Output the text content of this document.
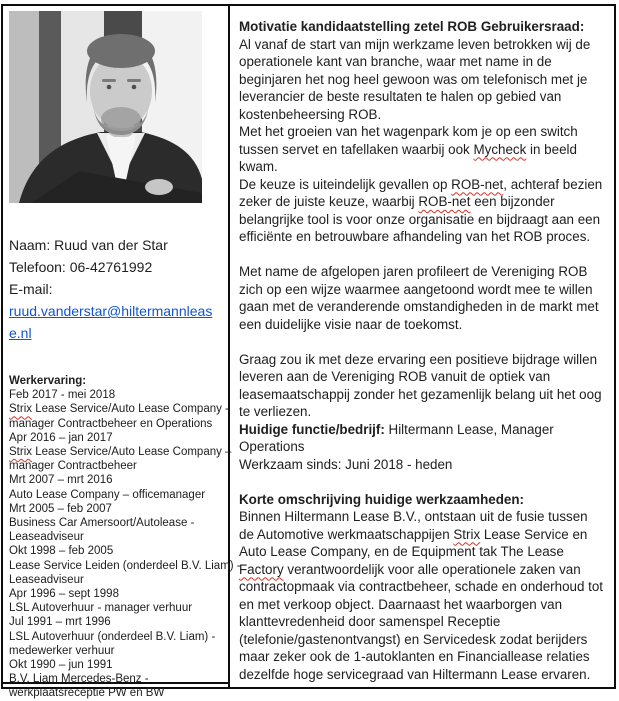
Naam: Ruud van der Star
Telefoon: 06-42761992
E-mail:
ruud.vanderstar@hiltermannlease.nl
Werkervaring:
Feb 2017 - mei 2018
Strix Lease Service/Auto Lease Company -
manager Contractbeheer en Operations
Apr 2016 – jan 2017
Strix Lease Service/Auto Lease Company –
manager Contractbeheer
Mrt 2007 – mrt 2016
Auto Lease Company – officemanager
Mrt 2005 – feb 2007
Business Car Amersoort/Autolease -
Leaseadviseur
Okt 1998 – feb 2005
Lease Service Leiden (onderdeel B.V. Liam) -
Leaseadviseur
Apr 1996 – sept 1998
LSL Autoverhuur - manager verhuur
Jul 1991 – mrt 1996
LSL Autoverhuur (onderdeel B.V. Liam) -
medewerker verhuur
Okt 1990 – jun 1991
B.V. Liam Mercedes-Benz -
werkplaatsreceptie PW en BW
Motivatie kandidaatstelling zetel ROB Gebruikersraad:
Al vanaf de start van mijn werkzame leven betrokken wij de operationele kant van branche, waar met name in de beginjaren het nog heel gewoon was om telefonisch met je leverancier de beste resultaten te halen op gebied van kostenbeheersing ROB.
Met het groeien van het wagenpark kom je op een switch tussen servet en tafellaken waarbij ook Mycheck in beeld kwam.
De keuze is uiteindelijk gevallen op ROB-net, achteraf bezien zeker de juiste keuze, waarbij ROB-net een bijzonder belangrijke tool is voor onze organisatie en bijdraagt aan een efficiënte en betrouwbare afhandeling van het ROB proces.
Met name de afgelopen jaren profileert de Vereniging ROB zich op een wijze waarmee aangetoond wordt mee te willen gaan met de veranderende omstandigheden in de markt met een duidelijke visie naar de toekomst.
Graag zou ik met deze ervaring een positieve bijdrage willen leveren aan de Vereniging ROB vanuit de optiek van leasemaatschappij zonder het gezamenlijk belang uit het oog te verliezen.
Huidige functie/bedrijf: Hiltermann Lease, Manager Operations
Werkzaam sinds: Juni 2018 - heden
Korte omschrijving huidige werkzaamheden:
Binnen Hiltermann Lease B.V., ontstaan uit de fusie tussen de Automotive werkmaatschappijen Strix Lease Service en Auto Lease Company, en de Equipment tak The Lease Factory verantwoordelijk voor alle operationele zaken van contractopmaak via contractbeheer, schade en onderhoud tot en met verkoop object. Daarnaast het waarborgen van klanttevredenheid door samenspel Receptie (telefonie/gastenontvangst) en Servicedesk zodat berijders maar zeker ook de 1-autoklanten en Financiallease relaties dezelfde hoge servicegraad van Hiltermann Lease ervaren.
